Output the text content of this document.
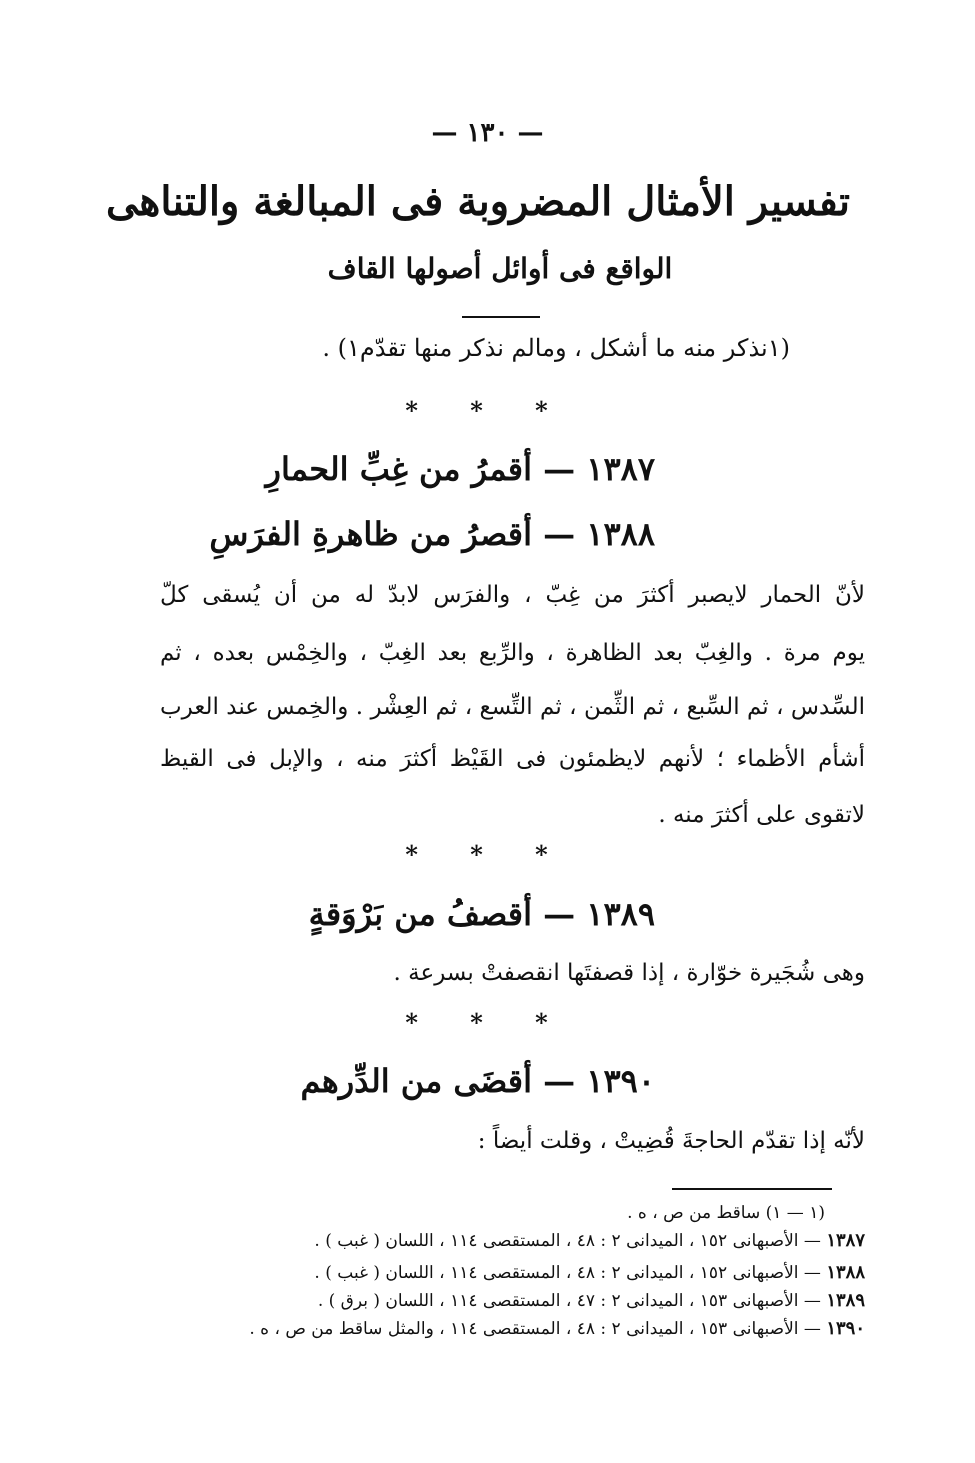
— ١٣٠ —
تفسير الأمثال المضروبة فى المبالغة والتناهى
الواقع فى أوائل أصولها القاف
(١نذكر منه ما أشكل ، ومالم نذكر منها تقدّم١) .
* * *
١٣٨٧ — أقمرُ من غِبِّ الحمارِ
١٣٨٨ — أقصرُ من ظاهرةِ الفرَسِ
لأنّ الحمار لايصبر أكثرَ من غِبّ ، والفرَس لابدّ له من أن يُسقى كلّ
يوم مرة . والغِبّ بعد الظاهرة ، والرِّبع بعد الغِبّ ، والخِمْس بعده ، ثم
السِّدس ، ثم السِّبع ، ثم الثِّمن ، ثم التِّسع ، ثم العِشْر . والخِمس عند العرب
أشأم الأظماء ؛ لأنهم لايظمئون فى القَيْظ أكثرَ منه ، والإبل فى القيظ
لاتقوى على أكثرَ منه .
* * *
١٣٨٩ — أقصفُ من بَرْوَقةٍ
وهى شُجَيرة خوّارة ، إذا قصفتَها انقصفتْ بسرعة .
* * *
١٣٩٠ — أقضَى من الدِّرهم
لأنّه إذا تقدّم الحاجةَ قُضِيتْ ، وقلت أيضاً :
(١ — ١) ساقط من ص ، ه .
١٣٨٧ — الأصبهانى ١٥٢ ، الميدانى ٢ : ٤٨ ، المستقصى ١١٤ ، اللسان ( غبب ) .
١٣٨٨ — الأصبهانى ١٥٢ ، الميدانى ٢ : ٤٨ ، المستقصى ١١٤ ، اللسان ( غبب ) .
١٣٨٩ — الأصبهانى ١٥٣ ، الميدانى ٢ : ٤٧ ، المستقصى ١١٤ ، اللسان ( برق ) .
١٣٩٠ — الأصبهانى ١٥٣ ، الميدانى ٢ : ٤٨ ، المستقصى ١١٤ ، والمثل ساقط من ص ، ه .
